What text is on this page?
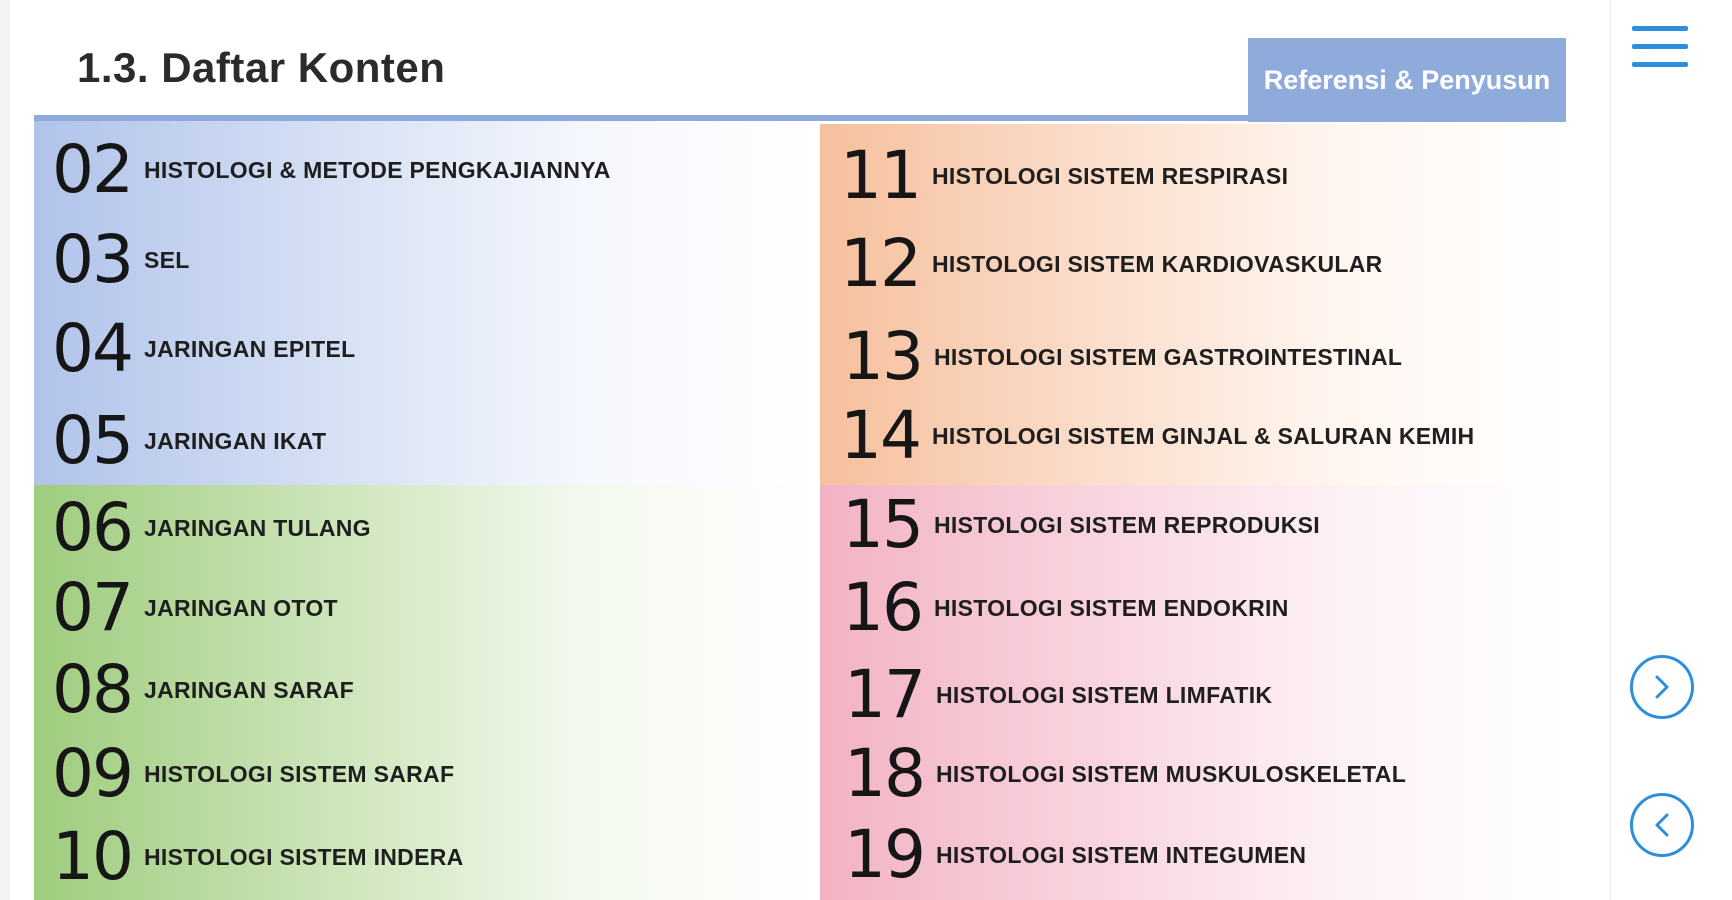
1.3. Daftar Konten	Referensi & Penyusun
02 HISTOLOGI & METODE PENGKAJIANNYA
03 SEL
04 JARINGAN EPITEL
05 JARINGAN IKAT
06 JARINGAN TULANG
07 JARINGAN OTOT
08 JARINGAN SARAF
09 HISTOLOGI SISTEM SARAF
10 HISTOLOGI SISTEM INDERA
11 HISTOLOGI SISTEM RESPIRASI
12 HISTOLOGI SISTEM KARDIOVASKULAR
13 HISTOLOGI SISTEM GASTROINTESTINAL
14 HISTOLOGI SISTEM GINJAL & SALURAN KEMIH
15 HISTOLOGI SISTEM REPRODUKSI
16 HISTOLOGI SISTEM ENDOKRIN
17 HISTOLOGI SISTEM LIMFATIK
18 HISTOLOGI SISTEM MUSKULOSKELETAL
19 HISTOLOGI SISTEM INTEGUMEN
